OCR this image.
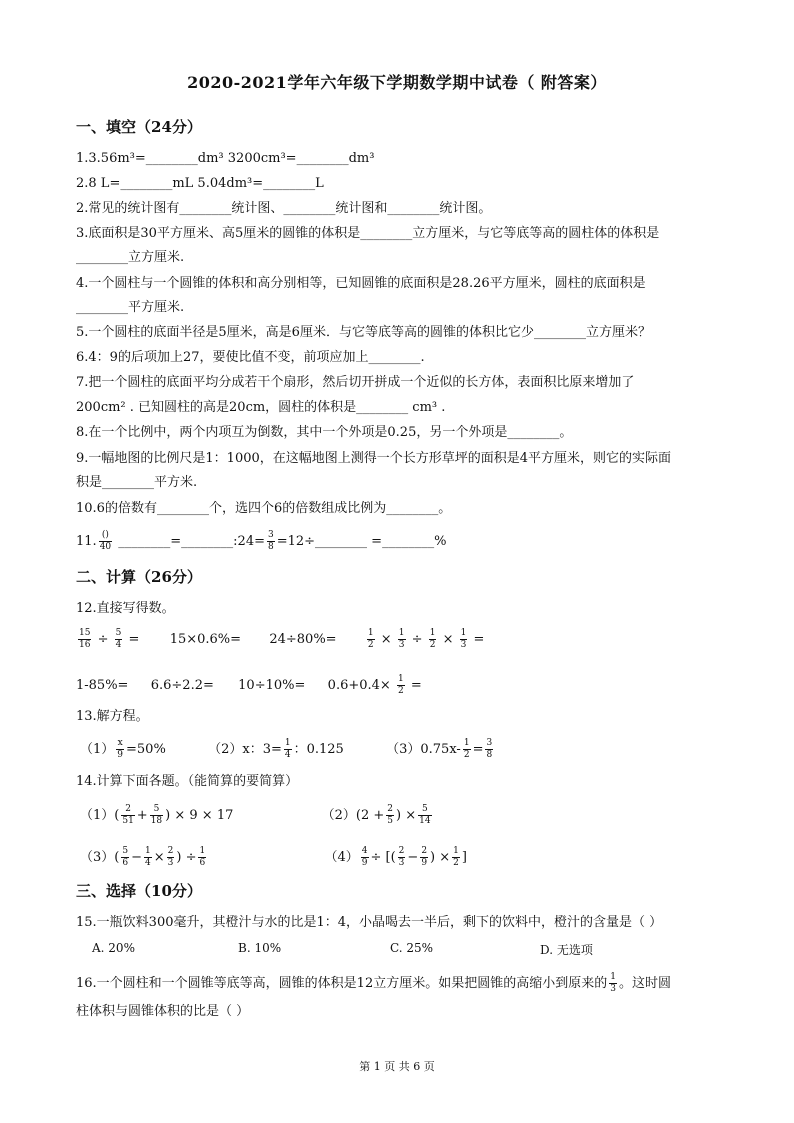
2020-2021学年六年级下学期数学期中试卷（ 附答案）
一、填空（24分）
1.3.56m³=________dm³ 3200cm³=________dm³
2.8 L=________mL 5.04dm³=________L
2.常见的统计图有________统计图、________统计图和________统计图。
3.底面积是30平方厘米、高5厘米的圆锥的体积是________立方厘米，与它等底等高的圆柱体的体积是
________立方厘米.
4.一个圆柱与一个圆锥的体积和高分别相等，已知圆锥的底面积是28.26平方厘米，圆柱的底面积是
________平方厘米.
5.一个圆柱的底面半径是5厘米，高是6厘米．与它等底等高的圆锥的体积比它少________立方厘米？
6.4：9的后项加上27，要使比值不变，前项应加上________.
7.把一个圆柱的底面平均分成若干个扇形，然后切开拼成一个近似的长方体，表面积比原来增加了
200cm² . 已知圆柱的高是20cm，圆柱的体积是________ cm³ .
8.在一个比例中，两个内项互为倒数，其中一个外项是0.25，另一个外项是________。
9.一幅地图的比例尺是1：1000，在这幅地图上测得一个长方形草坪的面积是4平方厘米，则它的实际面
积是________平方米.
10.6的倍数有________个，选四个6的倍数组成比例为________。
11. $\frac{()}{40}$ ________=________:24= $\frac{3}{8}$ =12÷________ =________%
二、计算（26分）
12.直接写得数。
$\frac{15}{16} \div \frac{5}{4} = 15\times 0.6\%= 24\div 80\%=$	$\frac{1}{2} \times \frac{1}{3} \div \frac{1}{2} \times \frac{1}{3}$ =
$1-85\%= 6.6\div 2.2= 10\div 10\%= 0.6+0.4\times \frac{1}{2}$ =
13.解方程。
$(1) \frac{x}{9} =50\%$	（2）x：$3= \frac{1}{4}$ ：0.125	$(3)0.75x- \frac{1}{2} = \frac{3}{8}$
14.计算下面各题。（能简算的要简算）
$(1)( \frac{2}{51} + \frac{5}{18}$ ) × 9 × 17	$(2)(2 + \frac{2}{5}$ ) × $\frac{5}{14}$
$(3)( \frac{5}{6} - \frac{1}{4} \times \frac{2}{3}$ ) ÷ $\frac{1}{6}$	$(4) \frac{4}{9}$ ÷ [( $\frac{2}{3} - \frac{2}{9}$ ) × $\frac{1}{2}$ ]
三、选择（10分）
15.一瓶饮料300毫升，其橙汁与水的比是1：4，小晶喝去一半后，剩下的饮料中，橙汁的含量是（ ）
A. 20%	B. 10%	C. 25%	D. 无选项
16.一个圆柱和一个圆锥等底等高，圆锥的体积是12立方厘米。如果把圆锥的高缩小到原来的 $\frac{1}{3}$ 。这时圆
柱体积与圆锥体积的比是（ ）
第 1 页 共 6 页
